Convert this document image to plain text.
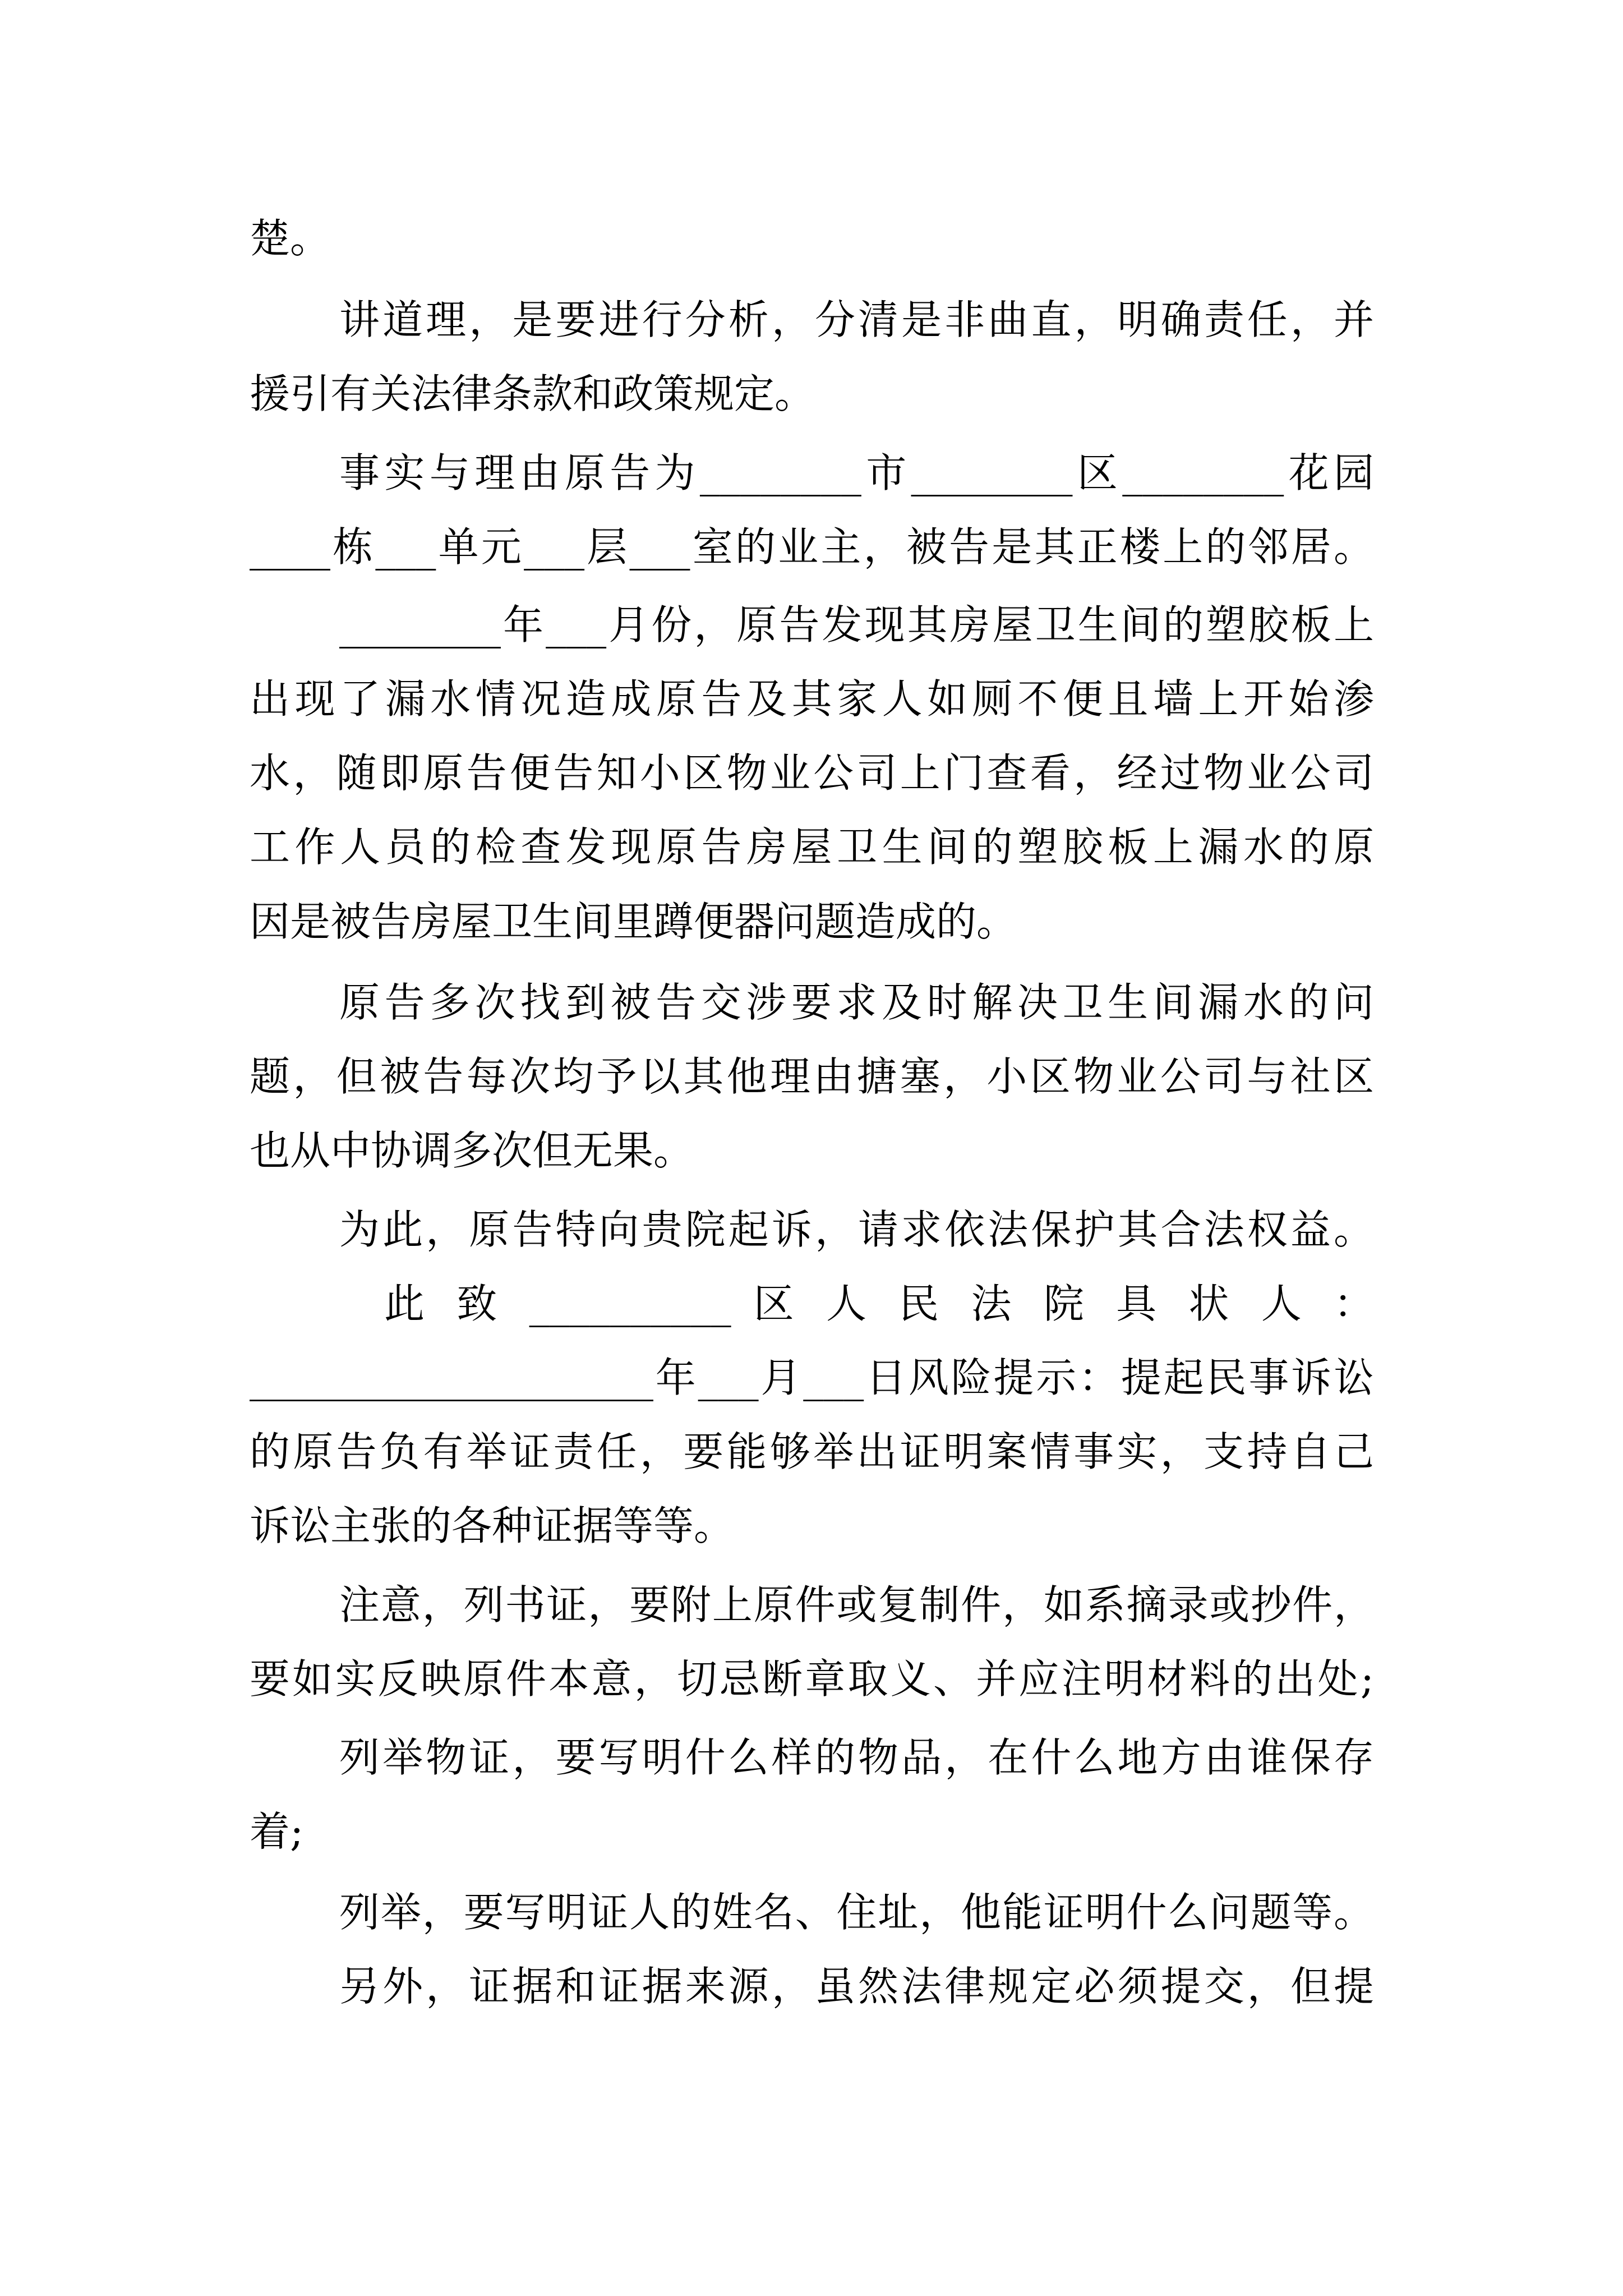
楚。
讲道理，是要进行分析，分清是非曲直，明确责任，并
援引有关法律条款和政策规定。
事实与理由原告为________市________区________花园
____栋___单元___层___室的业主，被告是其正楼上的邻居。
________年___月份，原告发现其房屋卫生间的塑胶板上
出现了漏水情况造成原告及其家人如厕不便且墙上开始渗
水，随即原告便告知小区物业公司上门查看，经过物业公司
工作人员的检查发现原告房屋卫生间的塑胶板上漏水的原
因是被告房屋卫生间里蹲便器问题造成的。
原告多次找到被告交涉要求及时解决卫生间漏水的问
题，但被告每次均予以其他理由搪塞，小区物业公司与社区
也从中协调多次但无果。
为此，原告特向贵院起诉，请求依法保护其合法权益。
此 致 __________ 区 人 民 法 院 具 状 人 ：
____________________年___月___日风险提示：提起民事诉讼
的原告负有举证责任，要能够举出证明案情事实，支持自己
诉讼主张的各种证据等等。
注意，列书证，要附上原件或复制件，如系摘录或抄件，
要如实反映原件本意，切忌断章取义、并应注明材料的出处;
列举物证，要写明什么样的物品，在什么地方由谁保存
着;
列举，要写明证人的姓名、住址，他能证明什么问题等。
另外，证据和证据来源，虽然法律规定必须提交，但提
